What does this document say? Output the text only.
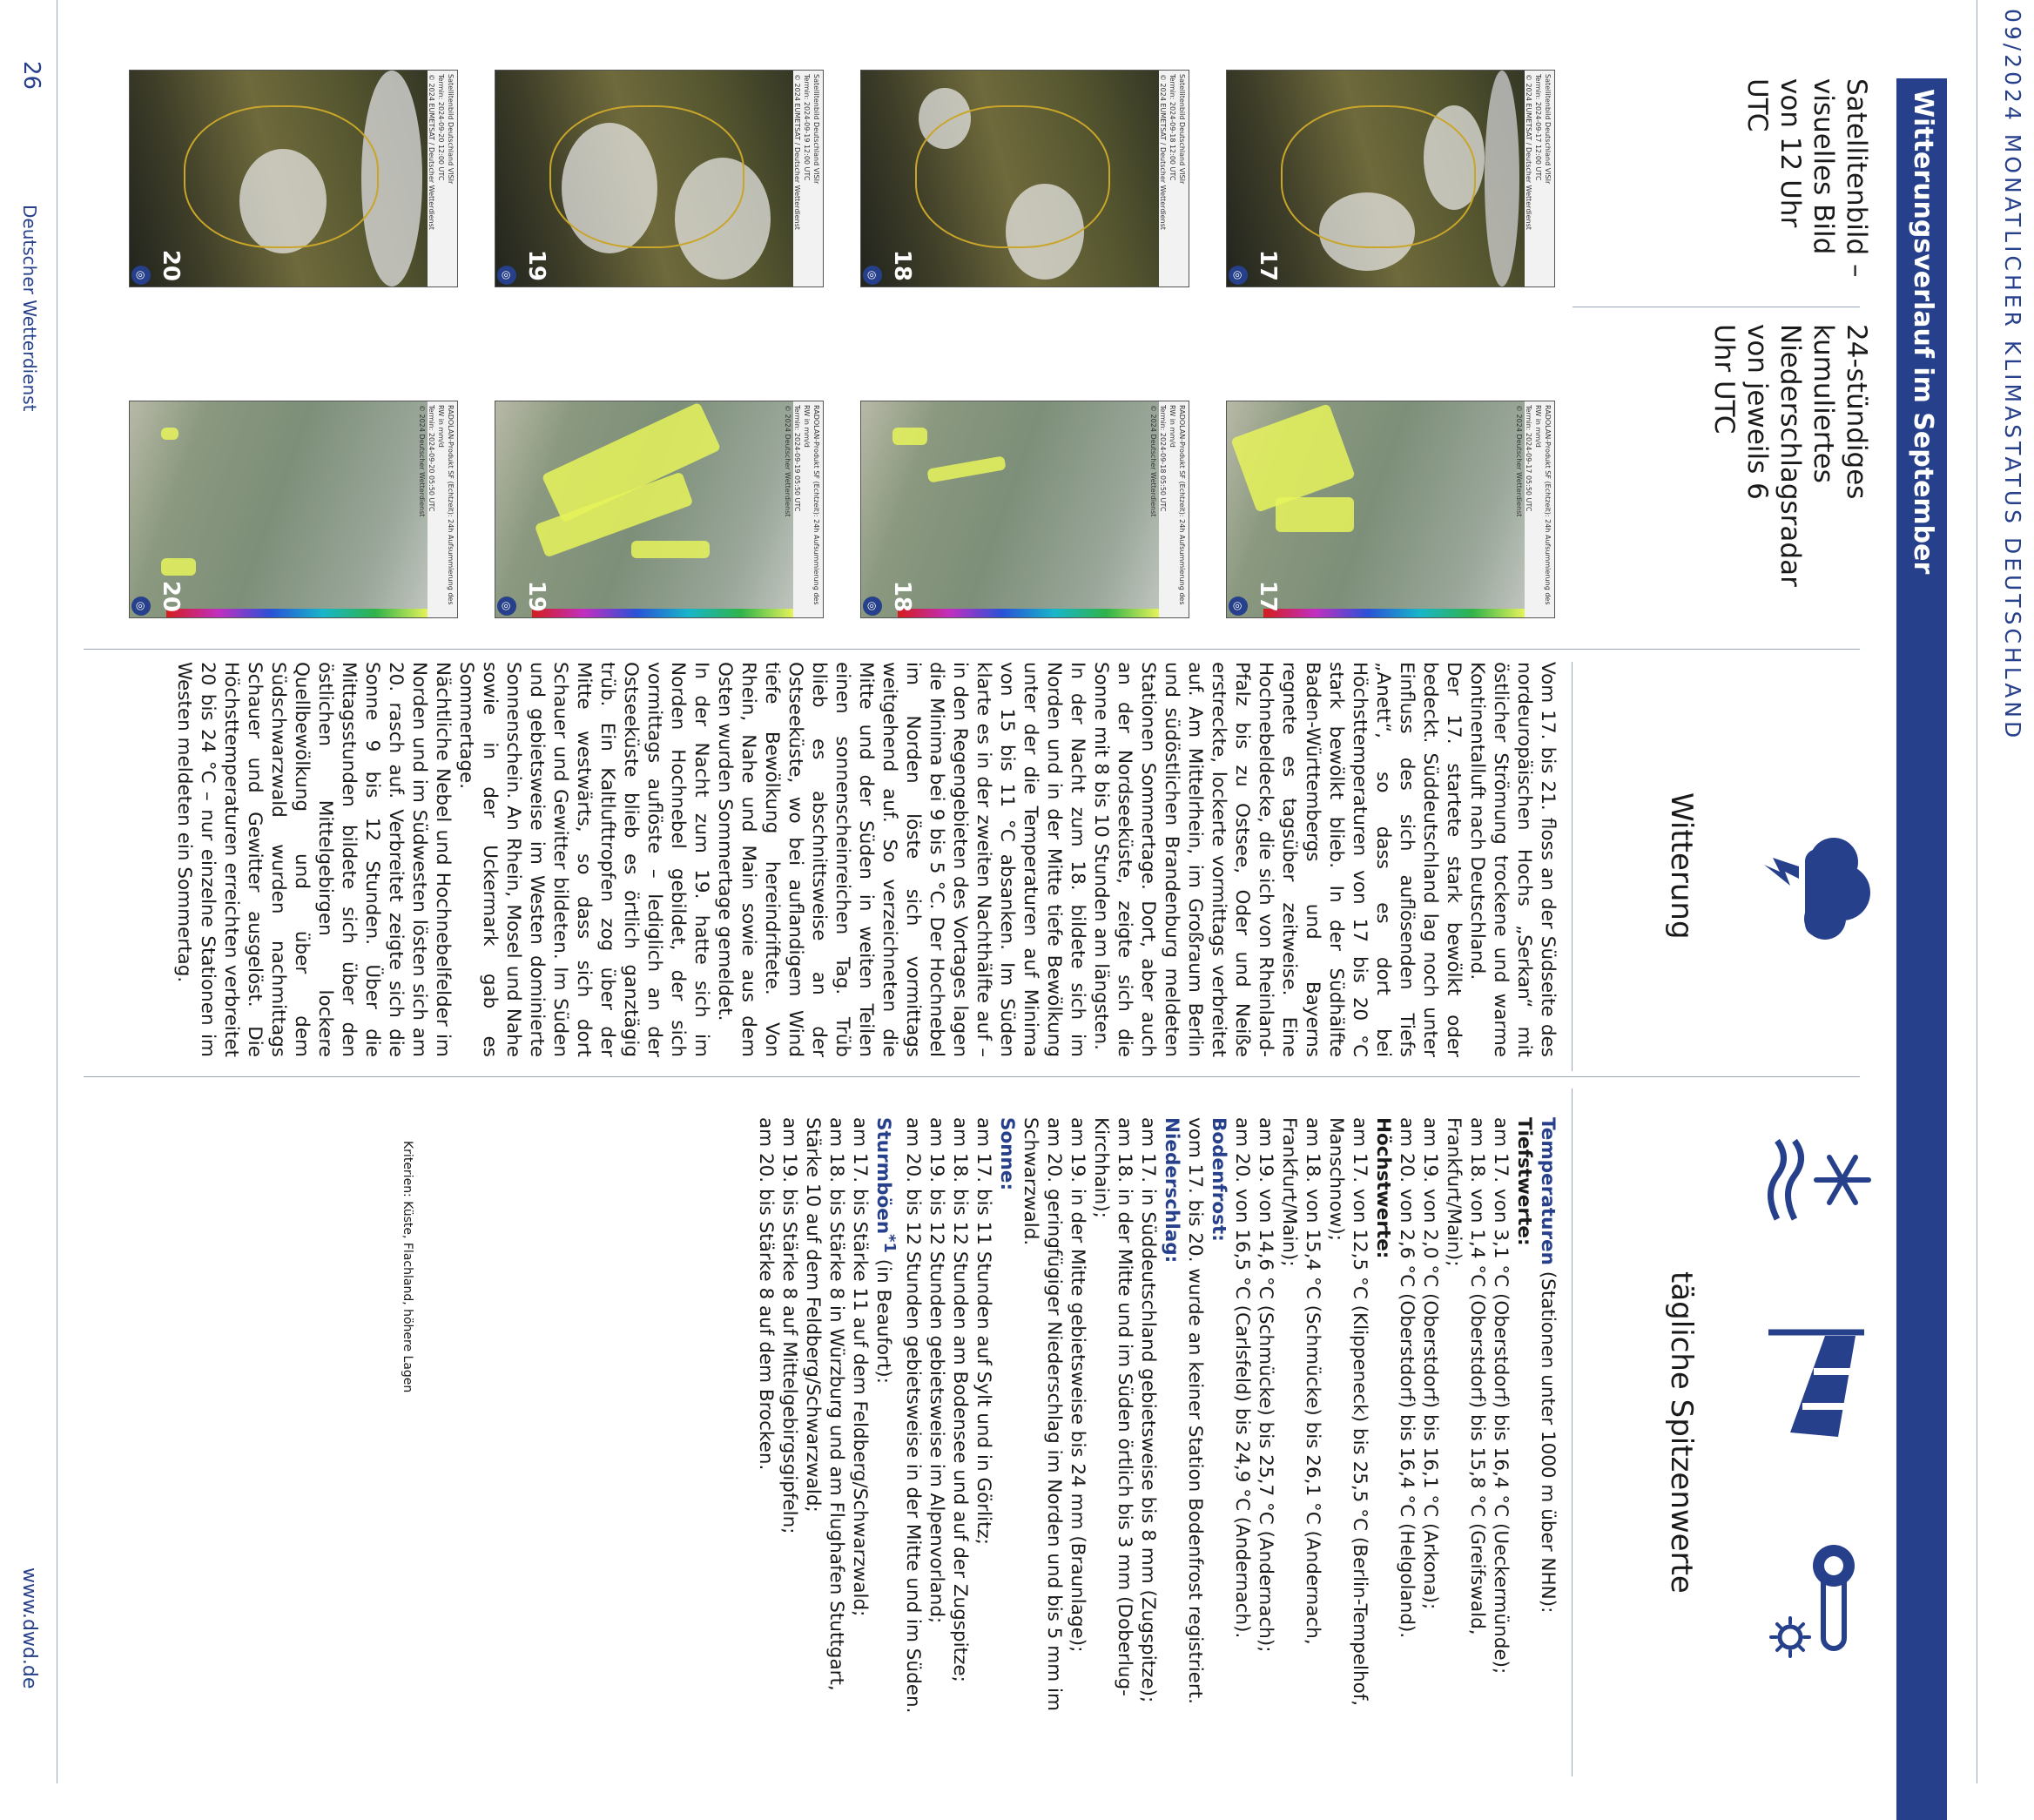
09/2024 MONATLICHER KLIMASTATUS DEUTSCHLAND
Witterungsverlauf im September
Satellitenbild – visuelles Bild von 12 Uhr UTC
24-stündiges kumuliertes Niederschlagsradar von jeweils 6 Uhr UTC
Satellitenbild Deutschland VISIr
Termin: 2024-09-17 12:00 UTC
© 2024 EUMETSAT / Deutscher Wetterdienst
17
◎
Satellitenbild Deutschland VISIr
Termin: 2024-09-18 12:00 UTC
© 2024 EUMETSAT / Deutscher Wetterdienst
18
◎
Satellitenbild Deutschland VISIr
Termin: 2024-09-19 12:00 UTC
© 2024 EUMETSAT / Deutscher Wetterdienst
19
◎
Satellitenbild Deutschland VISIr
Termin: 2024-09-20 12:00 UTC
© 2024 EUMETSAT / Deutscher Wetterdienst
20
◎
RADOLAN-Produkt SF (Echtzeit): 24h Aufsummierung des RW in mm/d
Termin: 2024-09-17 05:50 UTC
© 2024 Deutscher Wetterdienst
17
◎
RADOLAN-Produkt SF (Echtzeit): 24h Aufsummierung des RW in mm/d
Termin: 2024-09-18 05:50 UTC
© 2024 Deutscher Wetterdienst
18
◎
RADOLAN-Produkt SF (Echtzeit): 24h Aufsummierung des RW in mm/d
Termin: 2024-09-19 05:50 UTC
© 2024 Deutscher Wetterdienst
19
◎
RADOLAN-Produkt SF (Echtzeit): 24h Aufsummierung des RW in mm/d
Termin: 2024-09-20 05:50 UTC
© 2024 Deutscher Wetterdienst
20
◎
Witterung
tägliche Spitzenwerte

Vom 17. bis 21. floss an der Südseite des nordeuropäischen Hochs „Serkan“ mit östlicher Strömung trockene und warme Kontinentalluft nach Deutschland.

Der 17. startete stark bewölkt oder bedeckt. Süddeutschland lag noch unter Einfluss des sich auflösenden Tiefs „Anett“, so dass es dort bei Höchsttemperaturen von 17 bis 20 °C stark bewölkt blieb. In der Südhälfte Baden-Württembergs und Bayerns regnete es tagsüber zeitweise. Eine Hochnebeldecke, die sich von Rheinland-Pfalz bis zu Ostsee, Oder und Neiße erstreckte, lockerte vormittags verbreitet auf. Am Mittelrhein, im Großraum Berlin und südöstlichen Brandenburg meldeten Stationen Sommertage. Dort, aber auch an der Nordseeküste, zeigte sich die Sonne mit 8 bis 10 Stunden am längsten.

In der Nacht zum 18. bildete sich im Norden und in der Mitte tiefe Bewölkung unter der die Temperaturen auf Minima von 15 bis 11 °C absanken. Im Süden klarte es in der zweiten Nachthälfte auf – in den Regengebieten des Vortages lagen die Minima bei 9 bis 5 °C. Der Hochnebel im Norden löste sich vormittags weitgehend auf. So verzeichneten die Mitte und der Süden in weiten Teilen einen sonnenscheinreichen Tag. Trüb blieb es abschnittsweise an der Ostseeküste, wo bei auflandigem Wind tiefe Bewölkung hereindriftete. Von Rhein, Nahe und Main sowie aus dem Osten wurden Sommertage gemeldet.

In der Nacht zum 19. hatte sich im Norden Hochnebel gebildet, der sich vormittags auflöste – lediglich an der Ostseeküste blieb es örtlich ganztägig trüb. Ein Kaltlufttropfen zog über der Mitte westwärts, so dass sich dort Schauer und Gewitter bildeten. Im Süden und gebietsweise im Westen dominierte Sonnenschein. An Rhein, Mosel und Nahe sowie in der Uckermark gab es Sommertage.

Nächtliche Nebel und Hochnebelfelder im Norden und im Südwesten lösten sich am 20. rasch auf. Verbreitet zeigte sich die Sonne 9 bis 12 Stunden. Über die Mittagsstunden bildete sich über den östlichen Mittelgebirgen lockere Quellbewölkung und über dem Südschwarzwald wurden nachmittags Schauer und Gewitter ausgelöst. Die Höchsttemperaturen erreichten verbreitet 20 bis 24 °C – nur einzelne Stationen im Westen meldeten ein Sommertag.

Temperaturen (Stationen unter 1000 m über NHN):

Tiefstwerte:

am 17. von 3,1 °C (Oberstdorf) bis 16,4 °C (Ueckermünde);

am 18. von 1,4 °C (Oberstdorf) bis 15,8 °C (Greifswald, Frankfurt/Main);

am 19. von 2,0 °C (Oberstdorf) bis 16,1 °C (Arkona);

am 20. von 2,6 °C (Oberstdorf) bis 16,4 °C (Helgoland).

Höchstwerte:

am 17. von 12,5 °C (Klippeneck) bis 25,5 °C (Berlin-Tempelhof, Manschnow);

am 18. von 15,4 °C (Schmücke) bis 26,1 °C (Andernach, Frankfurt/Main);

am 19. von 14,6 °C (Schmücke) bis 25,7 °C (Andernach);

am 20. von 16,5 °C (Carlsfeld) bis 24,9 °C (Andernach).

Bodenfrost:

vom 17. bis 20. wurde an keiner Station Bodenfrost registriert.

Niederschlag:

am 17. in Süddeutschland gebietsweise bis 8 mm (Zugspitze);

am 18. in der Mitte und im Süden örtlich bis 3 mm (Doberlug-Kirchhain);

am 19. in der Mitte gebietsweise bis 24 mm (Braunlage);

am 20. geringfügiger Niederschlag im Norden und bis 5 mm im Schwarzwald.

Sonne:

am 17. bis 11 Stunden auf Sylt und in Görlitz;

am 18. bis 12 Stunden am Bodensee und auf der Zugspitze;

am 19. bis 12 Stunden gebietsweise im Alpenvorland;

am 20. bis 12 Stunden gebietsweise in der Mitte und im Süden.

Sturmböen$^{*1}$ (in Beaufort):

am 17. bis Stärke 11 auf dem Feldberg/Schwarzwald;

am 18. bis Stärke 8 in Würzburg und am Flughafen Stuttgart, Stärke 10 auf dem Feldberg/Schwarzwald;

am 19. bis Stärke 8 auf Mittelgebirgsgipfeln;

am 20. bis Stärke 8 auf dem Brocken.

Kriterien: Küste, Flachland, höhere Lagen
26
Deutscher Wetterdienst
www.dwd.de
